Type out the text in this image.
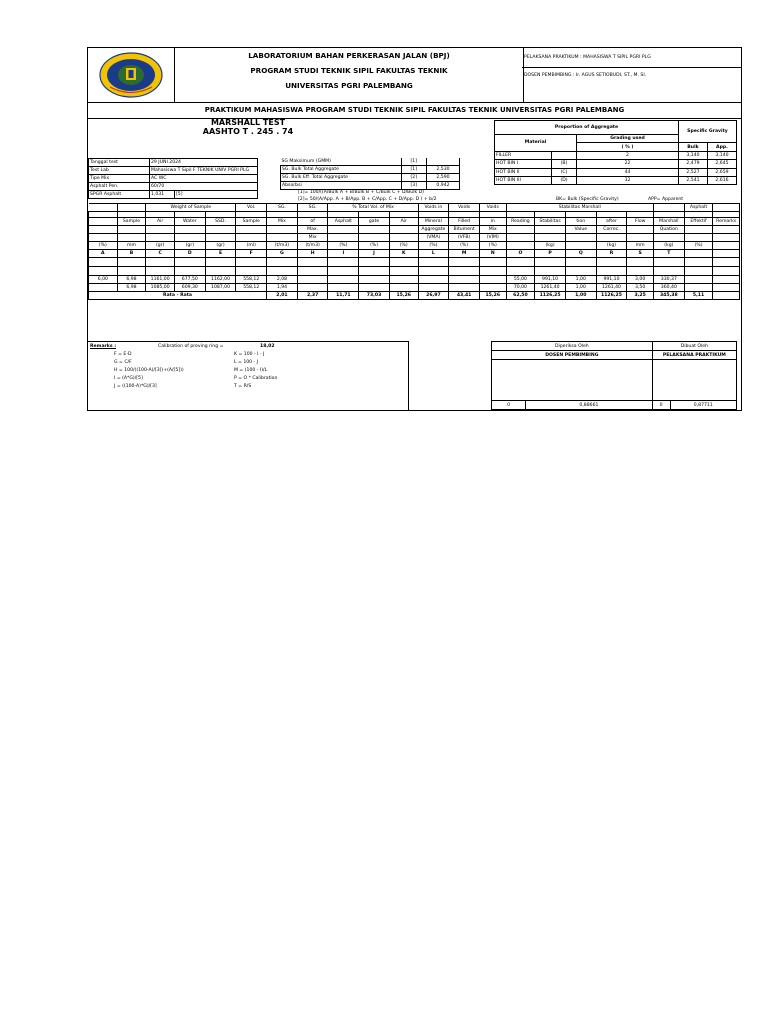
LABORATORIUM BAHAN PERKERASAN JALAN (BPJ)
PROGRAM STUDI TEKNIK SIPIL FAKULTAS TEKNIK
UNIVERSITAS PGRI PALEMBANG
PELAKSANA PRAKTIKUM : MAHASISWA T SIPIL PGRI PLG
DOSEN PEMBIMBING : Ir. AGUS SETIOBUDI, ST., M. SI.
PRAKTIKUM MAHASISWA PROGRAM STUDI TEKNIK SIPIL FAKULTAS TEKNIK UNIVERSITAS PGRI PALEMBANG
MARSHALL TEST
AASHTO T . 245 . 74
Tanggal test	29 JUNI 2024	
Test Lab	Mahasiswa T Sipil F TEKNIK UNIV PGRI PLG	
Tipe Mix	AC WC	
Asphalt Pen.	60/70	
SPGR Asphalt	1,031	[5]
SG Maksimum (GMM)	[1]	
SG. Bulk Total Aggregate	[1]	2,530
SG. Bulk Eff. Total Aggregate	[2]	2,590
Absorbsi	[3]	0,942
Proportion of Aggregate			Specific Gravity	
Material		Grading used		
		( % )	Bulk	App.
FILLER		2	3,140	3,140
HOT BIN I	(B)	22	2,479	2,645
HOT BIN II	(C)	44	2,527	2,659
HOT BIN III	(D)	32	2,541	2,616
[1]= 100/((A/Bulk A + B/Bulk B + C/Bulk C + D/Bulk D)
[2]= 50/(A/App. A + B/App. B + C/App. C + D/App. D ) + b/2	BK= Bulk (Specific Gravity)	APP= Apparent
		Weight of Sample			Vol.	SG.	SG.	% Total Vol. of Mix			Voids in	Voids	Voids	Stabilitas Marshall						Asphalt	

	Sample	Air	Water	SSD.	Sample	Mix	of	Asphalt	gate	Air	Mineral	Filled	in	Reading	Stabilitas	tion	after	Flow	Marshall	Effektif	Remarks
							Max.				Aggregate	Bitument	Mix			Value	Correc.		Quation		
							Mix				(VMA)	(VFB)	(VIM)								
(%)	mm	(gr)	(gr)	(gr)	(ml)	(t/m3)	(t/m3)	(%)	(%)	(%)	(%)	(%)	(%)		(kg)		(kg)	mm	(kg)	(%)	
A	B	C	D	E	F	G	H	I	J	K	L	M	N	O	P	Q	R	S	T		

6,00	6,98	1161,00	677,50	1162,00	558,12	2,08								55,00	991,10	1,00	991,10	3,00	330,37		
	6,98	1085,00	609,30	1087,00	558,12	1,94								70,00	1261,40	1,00	1261,40	3,50	360,40		
Rata - Rata						2,01	2,37	11,71	73,03	15,26	26,97	43,41	15,26	62,50	1126,25	1,00	1126,25	3,25	345,38	5,11	
Remarks :	Calibration of proving ring =	18,02
F = E-D
G = C/F
H = 100/((100-A)/[3])+(A/[5]))
I = (A*G)/[5]
J = ((100-A)*G)/[3]
K = 100 - I - J
L = 100 - J
M = (100 - I)/L
P = O * Calibration
T = R/S
Diperiksa Oleh		Dibuat Oleh	
DOSEN PEMBIMBING		PELAKSANA PRAKTIKUM	

0	0,88661	0	0,87711
